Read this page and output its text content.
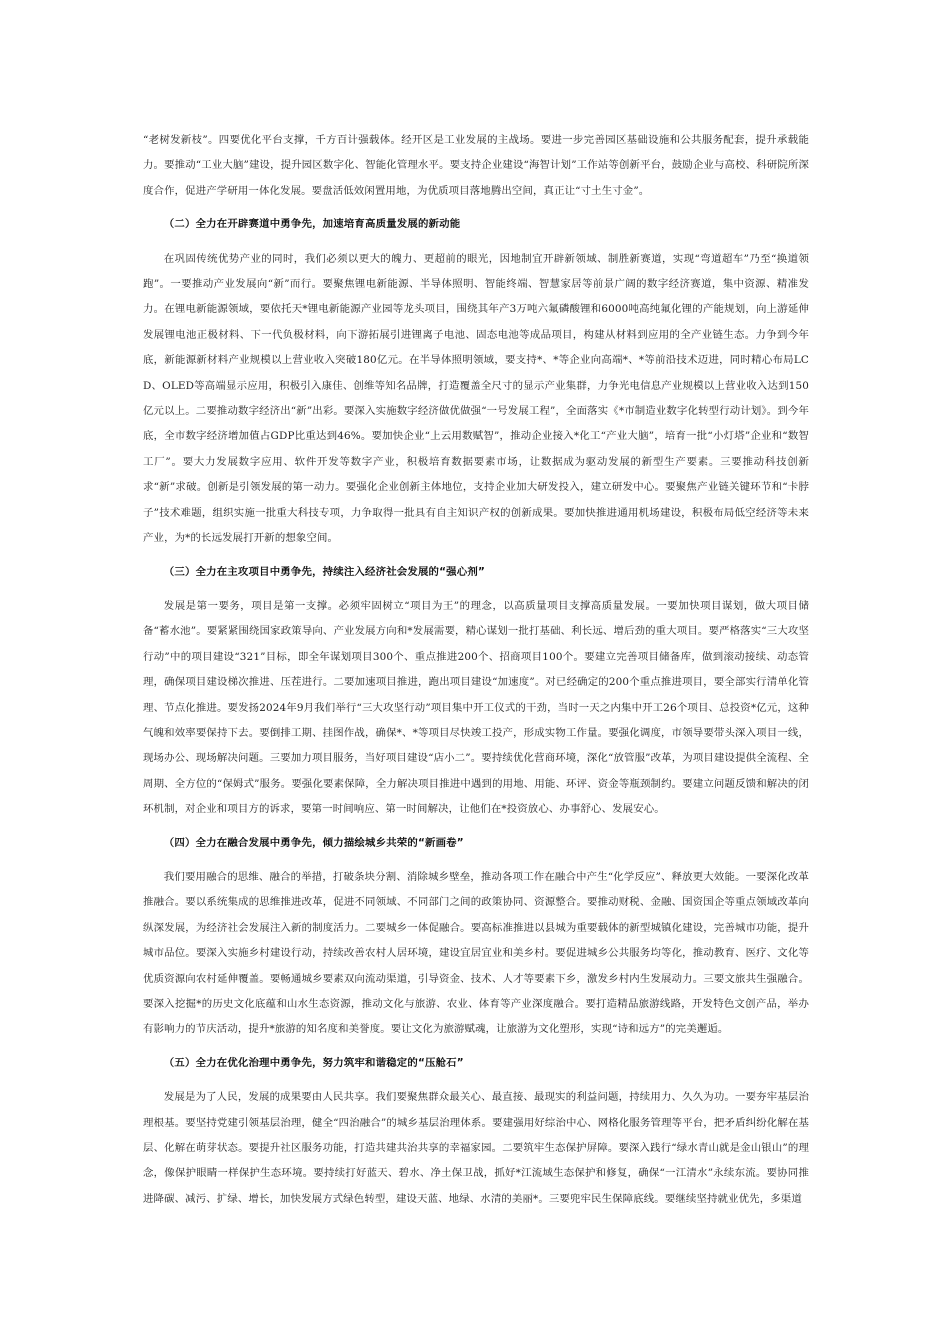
“老树发新枝”。四要优化平台支撑，千方百计强载体。经开区是工业发展的主战场。要进一步完善园区基础设施和公共服务配套，提升承载能力。要推动“工业大脑”建设，提升园区数字化、智能化管理水平。要支持企业建设“海智计划”工作站等创新平台，鼓励企业与高校、科研院所深度合作，促进产学研用一体化发展。要盘活低效闲置用地，为优质项目落地腾出空间，真正让“寸土生寸金”。

（二）全力在开辟赛道中勇争先，加速培育高质量发展的新动能

在巩固传统优势产业的同时，我们必须以更大的魄力、更超前的眼光，因地制宜开辟新领域、制胜新赛道，实现“弯道超车”乃至“换道领跑”。一要推动产业发展向“新”而行。要聚焦锂电新能源、半导体照明、智能终端、智慧家居等前景广阔的数字经济赛道，集中资源、精准发力。在锂电新能源领域，要依托天*锂电新能源产业园等龙头项目，围绕其年产3万吨六氟磷酸锂和6000吨高纯氟化锂的产能规划，向上游延伸发展锂电池正极材料、下一代负极材料，向下游拓展引进锂离子电池、固态电池等成品项目，构建从材料到应用的全产业链生态。力争到今年底，新能源新材料产业规模以上营业收入突破180亿元。在半导体照明领域，要支持*、*等企业向高端*、*等前沿技术迈进，同时精心布局LCD、OLED等高端显示应用，积极引入康佳、创维等知名品牌，打造覆盖全尺寸的显示产业集群，力争光电信息产业规模以上营业收入达到150亿元以上。二要推动数字经济出“新”出彩。要深入实施数字经济做优做强“一号发展工程”，全面落实《*市制造业数字化转型行动计划》。到今年底，全市数字经济增加值占GDP比重达到46%。要加快企业“上云用数赋智”，推动企业接入*化工“产业大脑”，培育一批“小灯塔”企业和“数智工厂”。要大力发展数字应用、软件开发等数字产业，积极培育数据要素市场，让数据成为驱动发展的新型生产要素。三要推动科技创新求“新”求破。创新是引领发展的第一动力。要强化企业创新主体地位，支持企业加大研发投入，建立研发中心。要聚焦产业链关键环节和“卡脖子”技术难题，组织实施一批重大科技专项，力争取得一批具有自主知识产权的创新成果。要加快推进通用机场建设，积极布局低空经济等未来产业，为*的长远发展打开新的想象空间。

（三）全力在主攻项目中勇争先，持续注入经济社会发展的“强心剂”

发展是第一要务，项目是第一支撑。必须牢固树立“项目为王”的理念，以高质量项目支撑高质量发展。一要加快项目谋划，做大项目储备“蓄水池”。要紧紧围绕国家政策导向、产业发展方向和*发展需要，精心谋划一批打基础、利长远、增后劲的重大项目。要严格落实“三大攻坚行动”中的项目建设“321”目标，即全年谋划项目300个、重点推进200个、招商项目100个。要建立完善项目储备库，做到滚动接续、动态管理，确保项目建设梯次推进、压茬进行。二要加速项目推进，跑出项目建设“加速度”。对已经确定的200个重点推进项目，要全部实行清单化管理、节点化推进。要发扬2024年9月我们举行“三大攻坚行动”项目集中开工仪式的干劲，当时一天之内集中开工26个项目、总投资*亿元，这种气魄和效率要保持下去。要倒排工期、挂图作战，确保*、*等项目尽快竣工投产，形成实物工作量。要强化调度，市领导要带头深入项目一线，现场办公、现场解决问题。三要加力项目服务，当好项目建设“店小二”。要持续优化营商环境，深化“放管服”改革，为项目建设提供全流程、全周期、全方位的“保姆式”服务。要强化要素保障，全力解决项目推进中遇到的用地、用能、环评、资金等瓶颈制约。要建立问题反馈和解决的闭环机制，对企业和项目方的诉求，要第一时间响应、第一时间解决，让他们在*投资放心、办事舒心、发展安心。

（四）全力在融合发展中勇争先，倾力描绘城乡共荣的“新画卷”

我们要用融合的思维、融合的举措，打破条块分割、消除城乡壁垒，推动各项工作在融合中产生“化学反应”、释放更大效能。一要深化改革推融合。要以系统集成的思维推进改革，促进不同领域、不同部门之间的政策协同、资源整合。要推动财税、金融、国资国企等重点领域改革向纵深发展，为经济社会发展注入新的制度活力。二要城乡一体促融合。要高标准推进以县城为重要载体的新型城镇化建设，完善城市功能，提升城市品位。要深入实施乡村建设行动，持续改善农村人居环境，建设宜居宜业和美乡村。要促进城乡公共服务均等化，推动教育、医疗、文化等优质资源向农村延伸覆盖。要畅通城乡要素双向流动渠道，引导资金、技术、人才等要素下乡，激发乡村内生发展动力。三要文旅共生强融合。要深入挖掘*的历史文化底蕴和山水生态资源，推动文化与旅游、农业、体育等产业深度融合。要打造精品旅游线路，开发特色文创产品，举办有影响力的节庆活动，提升*旅游的知名度和美誉度。要让文化为旅游赋魂，让旅游为文化塑形，实现“诗和远方”的完美邂逅。

（五）全力在优化治理中勇争先，努力筑牢和谐稳定的“压舱石”

发展是为了人民，发展的成果要由人民共享。我们要聚焦群众最关心、最直接、最现实的利益问题，持续用力、久久为功。一要夯牢基层治理根基。要坚持党建引领基层治理，健全“四治融合”的城乡基层治理体系。要建强用好综治中心、网格化服务管理等平台，把矛盾纠纷化解在基层、化解在萌芽状态。要提升社区服务功能，打造共建共治共享的幸福家园。二要筑牢生态保护屏障。要深入践行“绿水青山就是金山银山”的理念，像保护眼睛一样保护生态环境。要持续打好蓝天、碧水、净土保卫战，抓好*江流域生态保护和修复，确保“一江清水”永续东流。要协同推进降碳、减污、扩绿、增长，加快发展方式绿色转型，建设天蓝、地绿、水清的美丽*。三要兜牢民生保障底线。要继续坚持就业优先，多渠道
